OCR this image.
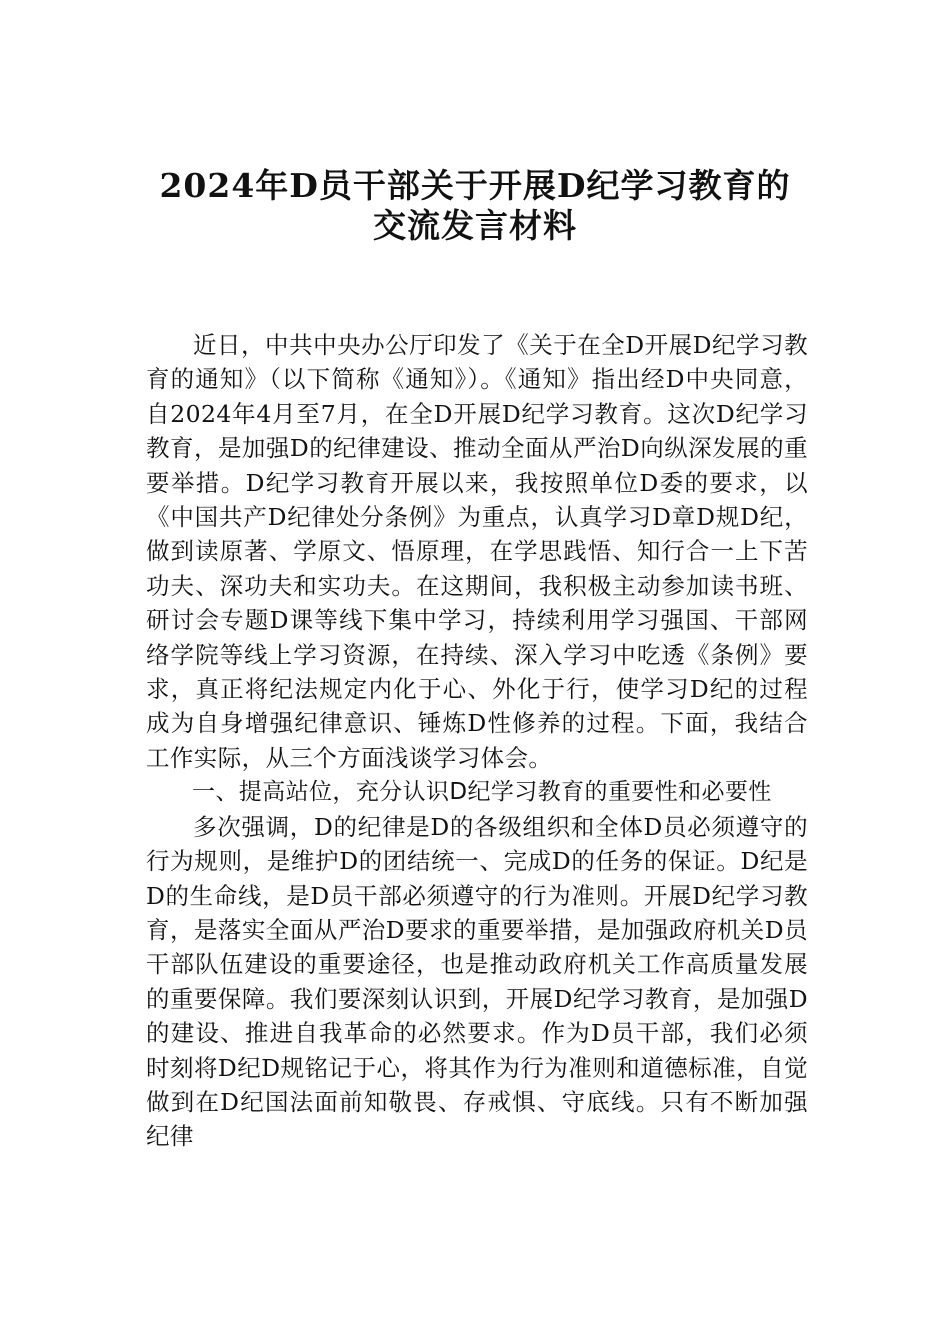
2024年D员干部关于开展D纪学习教育的
交流发言材料

近日，中共中央办公厅印发了《关于在全D开展D纪学习教育的通知》（以下简称《通知》）。《通知》指出经D中央同意，自2024年4月至7月，在全D开展D纪学习教育。这次D纪学习教育，是加强D的纪律建设、推动全面从严治D向纵深发展的重要举措。D纪学习教育开展以来，我按照单位D委的要求，以《中国共产D纪律处分条例》为重点，认真学习D章D规D纪，做到读原著、学原文、悟原理，在学思践悟、知行合一上下苦功夫、深功夫和实功夫。在这期间，我积极主动参加读书班、研讨会专题D课等线下集中学习，持续利用学习强国、干部网络学院等线上学习资源，在持续、深入学习中吃透《条例》要求，真正将纪法规定内化于心、外化于行，使学习D纪的过程成为自身增强纪律意识、锤炼D性修养的过程。下面，我结合工作实际，从三个方面浅谈学习体会。

一、提高站位，充分认识D纪学习教育的重要性和必要性

多次强调，D的纪律是D的各级组织和全体D员必须遵守的行为规则，是维护D的团结统一、完成D的任务的保证。D纪是D的生命线，是D员干部必须遵守的行为准则。开展D纪学习教育，是落实全面从严治D要求的重要举措，是加强政府机关D员干部队伍建设的重要途径，也是推动政府机关工作高质量发展的重要保障。我们要深刻认识到，开展D纪学习教育，是加强D的建设、推进自我革命的必然要求。作为D员干部，我们必须时刻将D纪D规铭记于心，将其作为行为准则和道德标准，自觉做到在D纪国法面前知敬畏、存戒惧、守底线。只有不断加强纪律
